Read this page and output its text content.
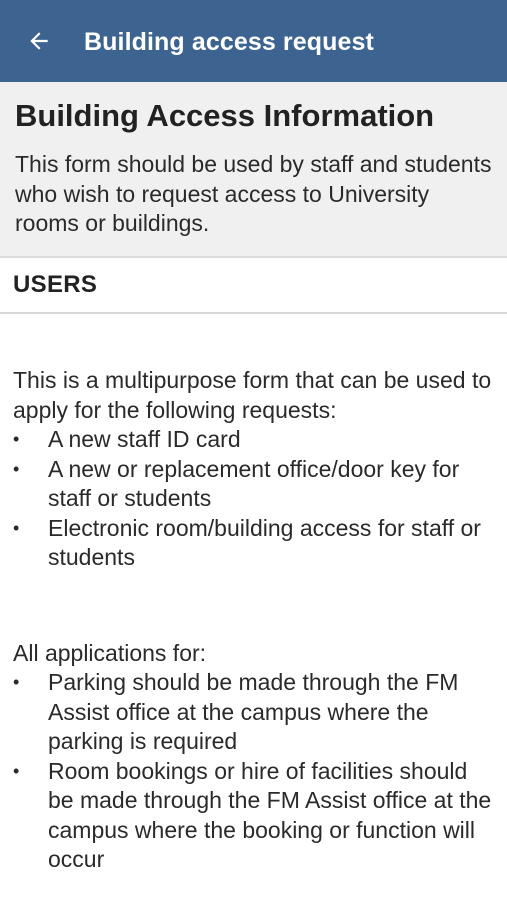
Building access request
Building Access Information
This form should be used by staff and students who wish to request access to University rooms or buildings.
USERS

This is a multipurpose form that can be used to apply for the following requests:

• A new staff ID card
• A new or replacement office/door key for staff or students
• Electronic room/building access for staff or students

All applications for:

• Parking should be made through the FM Assist office at the campus where the parking is required
• Room bookings or hire of facilities should be made through the FM Assist office at the campus where the booking or function will occur
